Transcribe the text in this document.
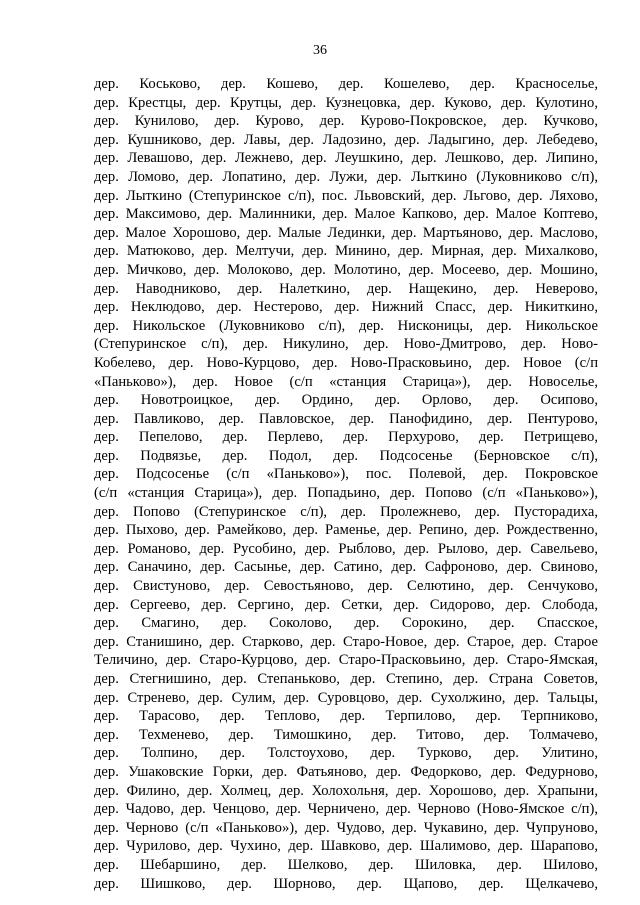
36
дер. Коськово, дер. Кошево, дер. Кошелево, дер. Красноселье,
дер. Крестцы, дер. Крутцы, дер. Кузнецовка, дер. Куково, дер. Кулотино,
дер. Кунилово, дер. Курово, дер. Курово-Покровское, дер. Кучково,
дер. Кушниково, дер. Лавы, дер. Ладозино, дер. Ладыгино, дер. Лебедево,
дер. Левашово, дер. Лежнево, дер. Леушкино, дер. Лешково, дер. Липино,
дер. Ломово, дер. Лопатино, дер. Лужи, дер. Лыткино (Луковниково с/п),
дер. Лыткино (Степуринское с/п), пос. Львовский, дер. Льгово, дер. Ляхово,
дер. Максимово, дер. Малинники, дер. Малое Капково, дер. Малое Коптево,
дер. Малое Хорошово, дер. Малые Лединки, дер. Мартьяново, дер. Маслово,
дер. Матюково, дер. Мелтучи, дер. Минино, дер. Мирная, дер. Михалково,
дер. Мичково, дер. Молоково, дер. Молотино, дер. Мосеево, дер. Мошино,
дер. Наводниково, дер. Налеткино, дер. Нащекино, дер. Неверово,
дер. Неклюдово, дер. Нестерово, дер. Нижний Спасс, дер. Никиткино,
дер. Никольское (Луковниково с/п), дер. Нисконицы, дер. Никольское
(Степуринское с/п), дер. Никулино, дер. Ново-Дмитрово, дер. Ново-
Кобелево, дер. Ново-Курцово, дер. Ново-Прасковьино, дер. Новое (с/п
«Паньково»), дер. Новое (с/п «станция Старица»), дер. Новоселье,
дер. Новотроицкое, дер. Ордино, дер. Орлово, дер. Осипово,
дер. Павликово, дер. Павловское, дер. Панофидино, дер. Пентурово,
дер. Пепелово, дер. Перлево, дер. Перхурово, дер. Петрищево,
дер. Подвязье, дер. Подол, дер. Подсосенье (Берновское с/п),
дер. Подсосенье (с/п «Паньково»), пос. Полевой, дер. Покровское
(с/п «станция Старица»), дер. Попадьино, дер. Попово (с/п «Паньково»),
дер. Попово (Степуринское с/п), дер. Пролежнево, дер. Пусторадиха,
дер. Пыхово, дер. Рамейково, дер. Раменье, дер. Репино, дер. Рождественно,
дер. Романово, дер. Русобино, дер. Рыблово, дер. Рылово, дер. Савельево,
дер. Саначино, дер. Сасынье, дер. Сатино, дер. Сафроново, дер. Свиново,
дер. Свистуново, дер. Севостьяново, дер. Селютино, дер. Сенчуково,
дер. Сергеево, дер. Сергино, дер. Сетки, дер. Сидорово, дер. Слобода,
дер. Смагино, дер. Соколово, дер. Сорокино, дер. Спасское,
дер. Станишино, дер. Старково, дер. Старо-Новое, дер. Старое, дер. Старое
Теличино, дер. Старо-Курцово, дер. Старо-Прасковьино, дер. Старо-Ямская,
дер. Стегнишино, дер. Степаньково, дер. Степино, дер. Страна Советов,
дер. Стренево, дер. Сулим, дер. Суровцово, дер. Сухолжино, дер. Тальцы,
дер. Тарасово, дер. Теплово, дер. Терпилово, дер. Терпниково,
дер. Техменево, дер. Тимошкино, дер. Титово, дер. Толмачево,
дер. Толпино, дер. Толстоухово, дер. Турково, дер. Улитино,
дер. Ушаковские Горки, дер. Фатьяново, дер. Федорково, дер. Федурново,
дер. Филино, дер. Холмец, дер. Холохольня, дер. Хорошово, дер. Храпыни,
дер. Чадово, дер. Ченцово, дер. Черничено, дер. Черново (Ново-Ямское с/п),
дер. Черново (с/п «Паньково»), дер. Чудово, дер. Чукавино, дер. Чупруново,
дер. Чурилово, дер. Чухино, дер. Шавково, дер. Шалимово, дер. Шарапово,
дер. Шебаршино, дер. Шелково, дер. Шиловка, дер. Шилово,
дер. Шишково, дер. Шорново, дер. Щапово, дер. Щелкачево,
